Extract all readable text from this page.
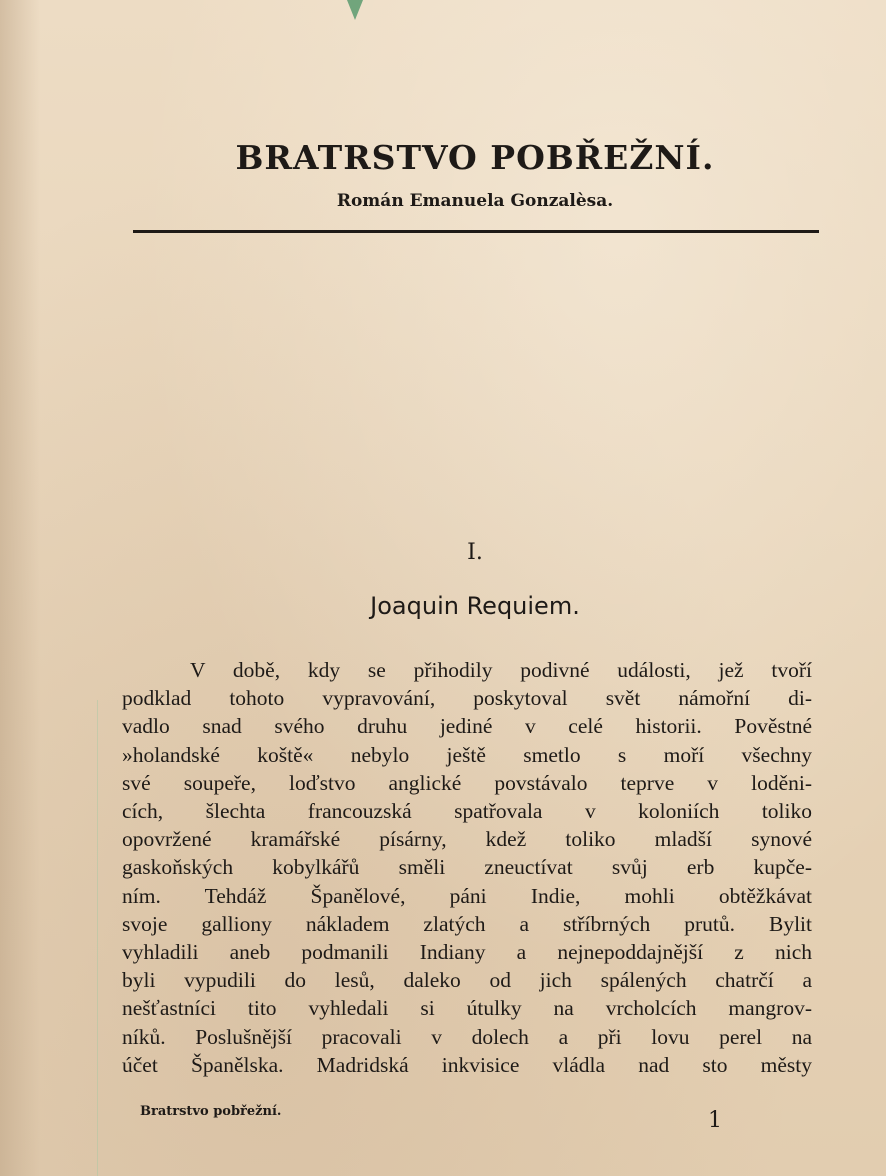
BRATRSTVO POBŘEŽNÍ.
Román Emanuela Gonzalèsa.
I.
Joaquin Requiem.
V době, kdy se přihodily podivné události, jež tvoří
podklad tohoto vypravování, poskytoval svět námořní di-
vadlo snad svého druhu jediné v celé historii. Pověstné
»holandské koště« nebylo ještě smetlo s moří všechny
své soupeře, loďstvo anglické povstávalo teprve v loděni-
cích, šlechta francouzská spatřovala v koloniích toliko
opovržené kramářské písárny, kdež toliko mladší synové
gaskoňských kobylkářů směli zneuctívat svůj erb kupče-
ním. Tehdáž Španělové, páni Indie, mohli obtěžkávat
svoje galliony nákladem zlatých a stříbrných prutů. Bylit
vyhladili aneb podmanili Indiany a nejnepoddajnější z nich
byli vypudili do lesů, daleko od jich spálených chatrčí a
nešťastníci tito vyhledali si útulky na vrcholcích mangrov-
níků. Poslušnější pracovali v dolech a při lovu perel na
účet Španělska. Madridská inkvisice vládla nad sto městy
Bratrstvo pobřežní.	1
